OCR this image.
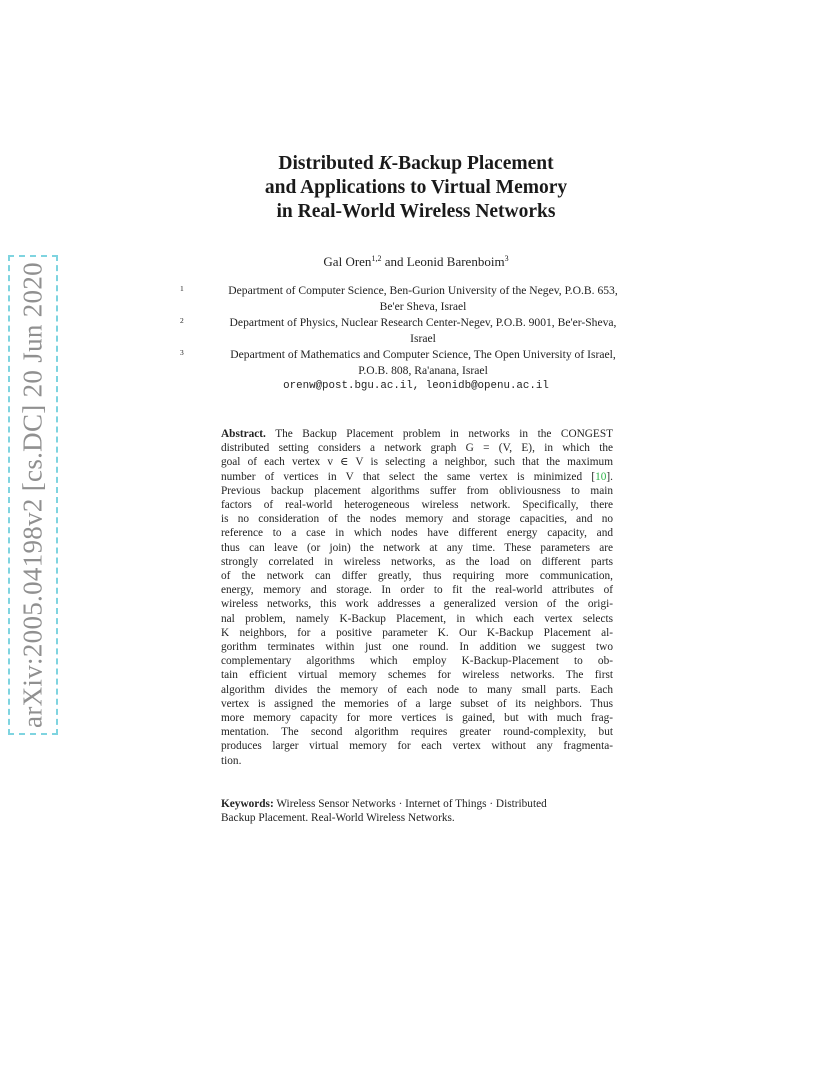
arXiv:2005.04198v2 [cs.DC] 20 Jun 2020
Distributed K-Backup Placement
and Applications to Virtual Memory
in Real-World Wireless Networks
Gal Oren$^{1,2}$ and Leonid Barenboim$^3$
1	Department of Computer Science, Ben-Gurion University of the Negev, P.O.B. 653,
Be'er Sheva, Israel
2	Department of Physics, Nuclear Research Center-Negev, P.O.B. 9001, Be'er-Sheva,
Israel
3	Department of Mathematics and Computer Science, The Open University of Israel,
P.O.B. 808, Ra'anana, Israel
orenw@post.bgu.ac.il, leonidb@openu.ac.il
Abstract. The Backup Placement problem in networks in the CONGEST
distributed setting considers a network graph G = (V, E), in which the
goal of each vertex v ∈ V is selecting a neighbor, such that the maximum
number of vertices in V that select the same vertex is minimized [10].
Previous backup placement algorithms suffer from obliviousness to main
factors of real-world heterogeneous wireless network. Specifically, there
is no consideration of the nodes memory and storage capacities, and no
reference to a case in which nodes have different energy capacity, and
thus can leave (or join) the network at any time. These parameters are
strongly correlated in wireless networks, as the load on different parts
of the network can differ greatly, thus requiring more communication,
energy, memory and storage. In order to fit the real-world attributes of
wireless networks, this work addresses a generalized version of the origi-
nal problem, namely K-Backup Placement, in which each vertex selects
K neighbors, for a positive parameter K. Our K-Backup Placement al-
gorithm terminates within just one round. In addition we suggest two
complementary algorithms which employ K-Backup-Placement to ob-
tain efficient virtual memory schemes for wireless networks. The first
algorithm divides the memory of each node to many small parts. Each
vertex is assigned the memories of a large subset of its neighbors. Thus
more memory capacity for more vertices is gained, but with much frag-
mentation. The second algorithm requires greater round-complexity, but
produces larger virtual memory for each vertex without any fragmenta-
tion.
Keywords: Wireless Sensor Networks · Internet of Things · Distributed
Backup Placement. Real-World Wireless Networks.
